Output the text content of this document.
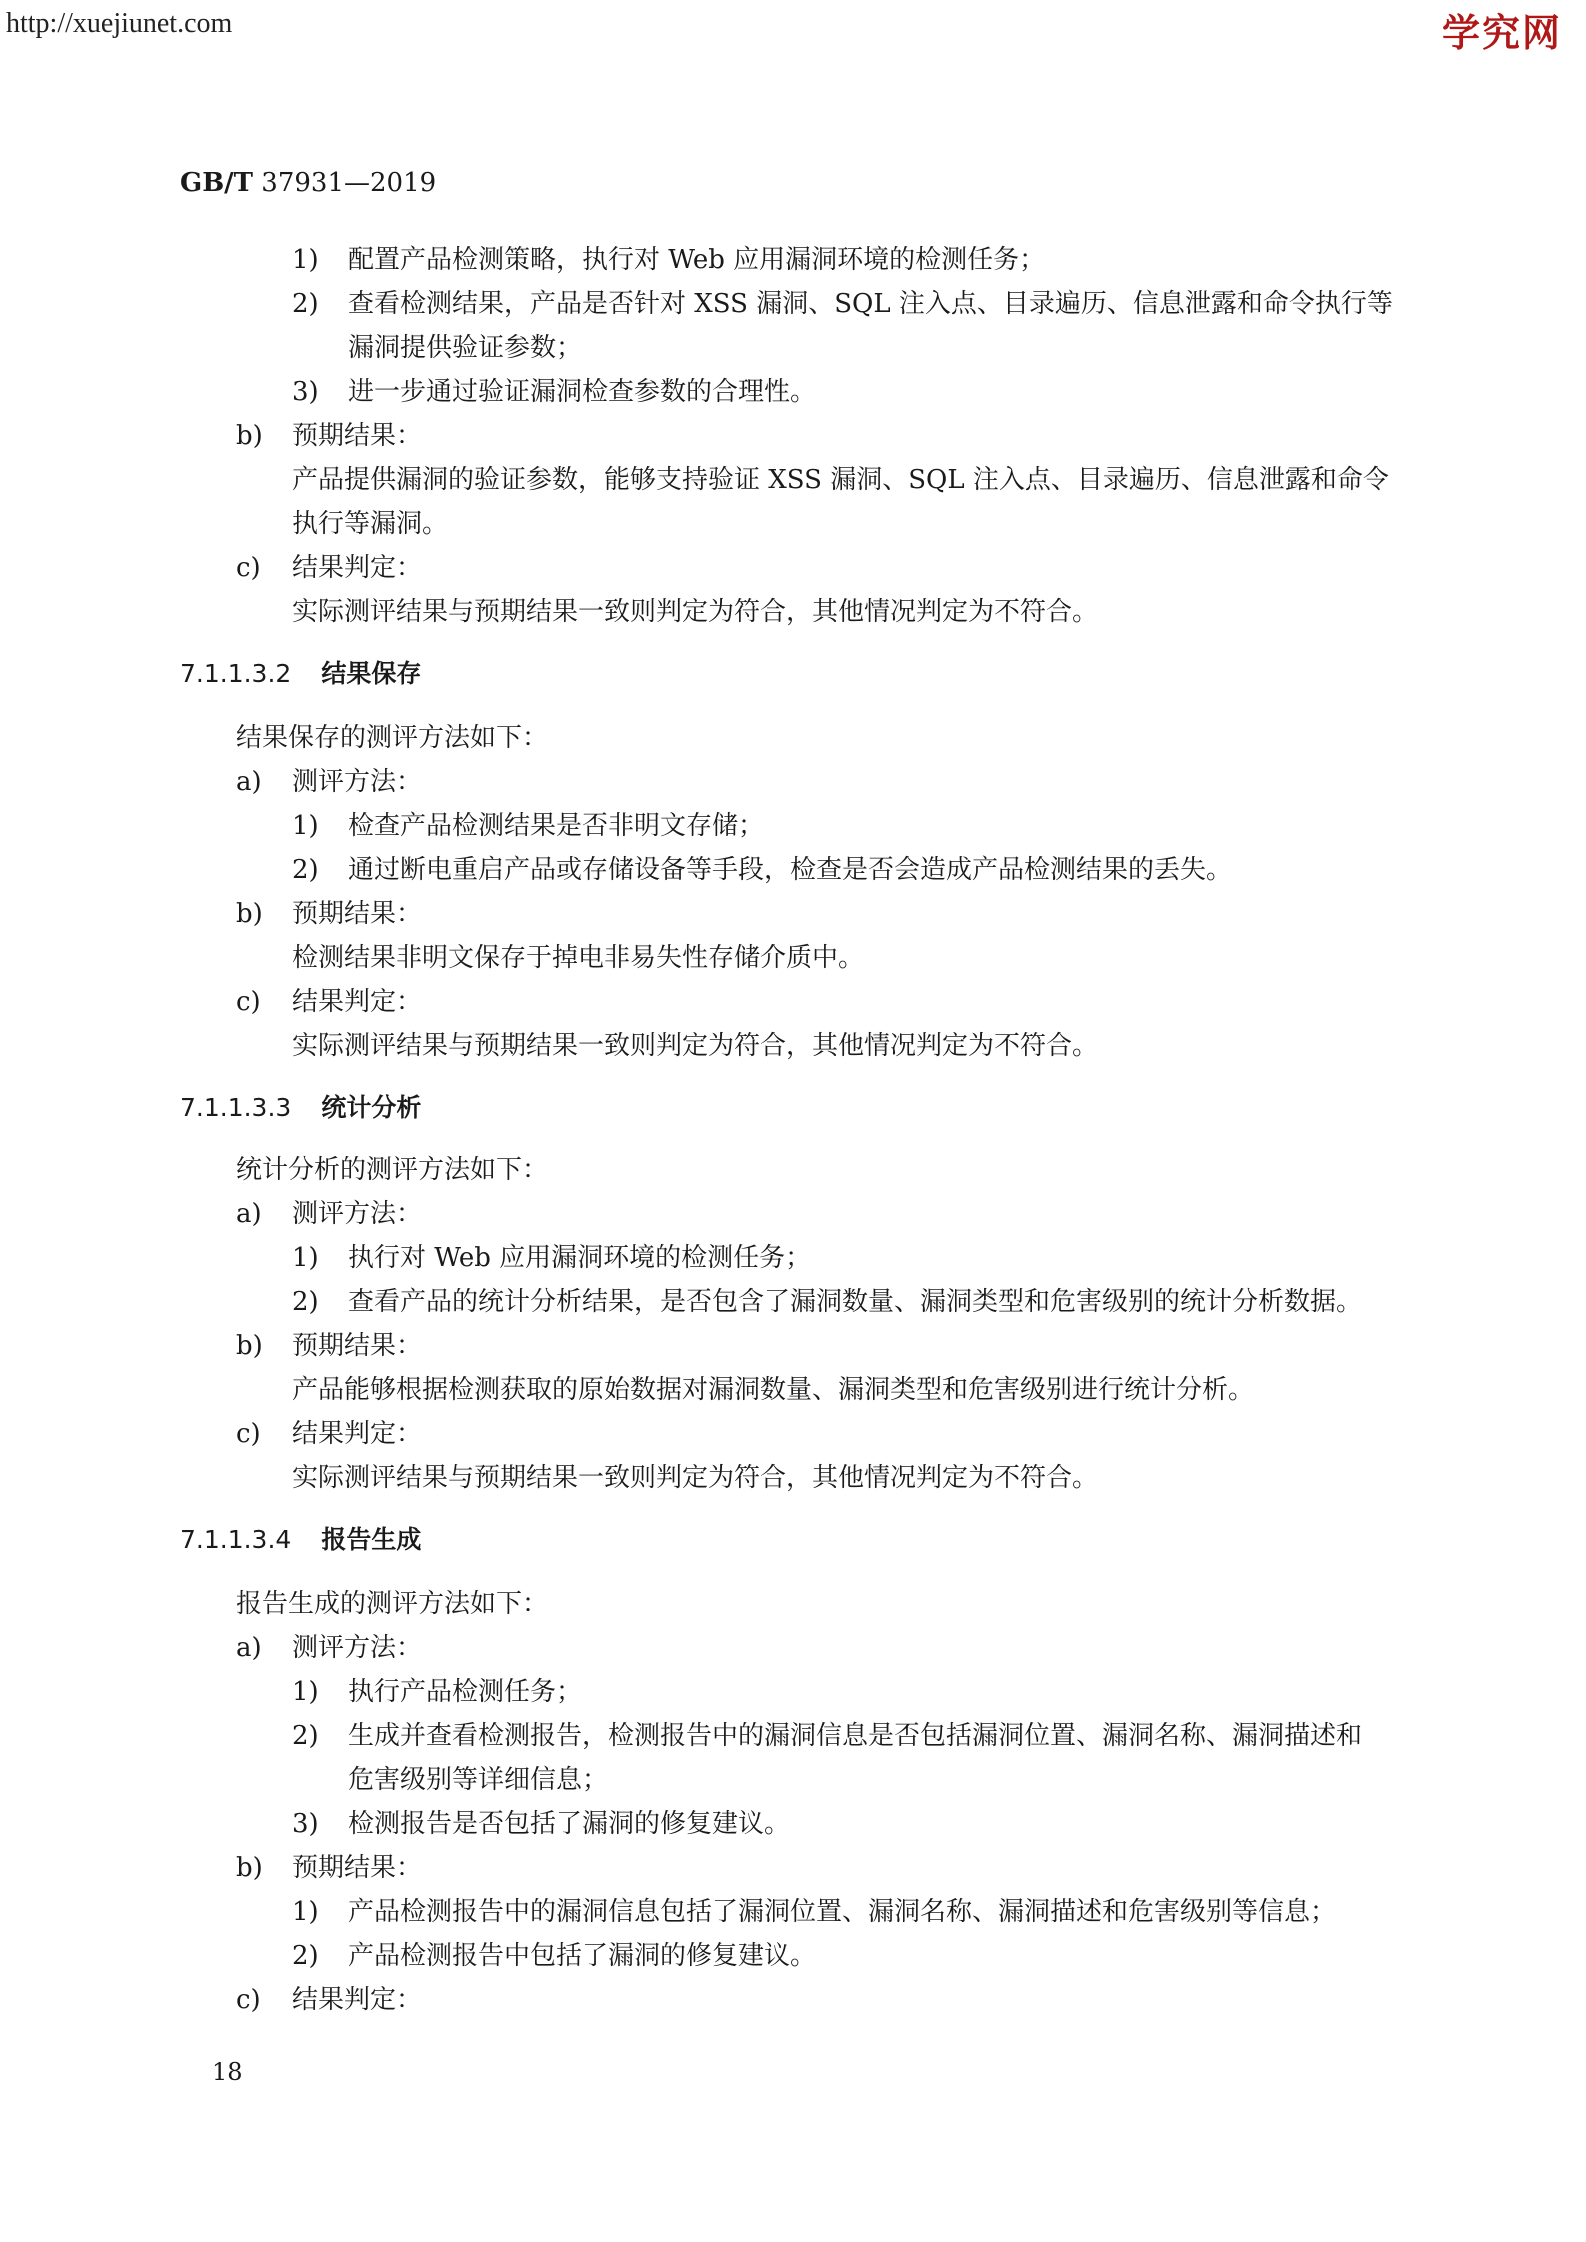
http://xuejiunet.com	学究网
GB/T 37931—2019
1) 配置产品检测策略，执行对 Web 应用漏洞环境的检测任务；
2) 查看检测结果，产品是否针对 XSS 漏洞、SQL 注入点、目录遍历、信息泄露和命令执行等
漏洞提供验证参数；
3) 进一步通过验证漏洞检查参数的合理性。
b) 预期结果：
产品提供漏洞的验证参数，能够支持验证 XSS 漏洞、SQL 注入点、目录遍历、信息泄露和命令
执行等漏洞。
c) 结果判定：
实际测评结果与预期结果一致则判定为符合，其他情况判定为不符合。
7.1.1.3.2 结果保存
结果保存的测评方法如下：
a) 测评方法：
1) 检查产品检测结果是否非明文存储；
2) 通过断电重启产品或存储设备等手段，检查是否会造成产品检测结果的丢失。
b) 预期结果：
检测结果非明文保存于掉电非易失性存储介质中。
c) 结果判定：
实际测评结果与预期结果一致则判定为符合，其他情况判定为不符合。
7.1.1.3.3 统计分析
统计分析的测评方法如下：
a) 测评方法：
1) 执行对 Web 应用漏洞环境的检测任务；
2) 查看产品的统计分析结果，是否包含了漏洞数量、漏洞类型和危害级别的统计分析数据。
b) 预期结果：
产品能够根据检测获取的原始数据对漏洞数量、漏洞类型和危害级别进行统计分析。
c) 结果判定：
实际测评结果与预期结果一致则判定为符合，其他情况判定为不符合。
7.1.1.3.4 报告生成
报告生成的测评方法如下：
a) 测评方法：
1) 执行产品检测任务；
2) 生成并查看检测报告，检测报告中的漏洞信息是否包括漏洞位置、漏洞名称、漏洞描述和
危害级别等详细信息；
3) 检测报告是否包括了漏洞的修复建议。
b) 预期结果：
1) 产品检测报告中的漏洞信息包括了漏洞位置、漏洞名称、漏洞描述和危害级别等信息；
2) 产品检测报告中包括了漏洞的修复建议。
c) 结果判定：
18
